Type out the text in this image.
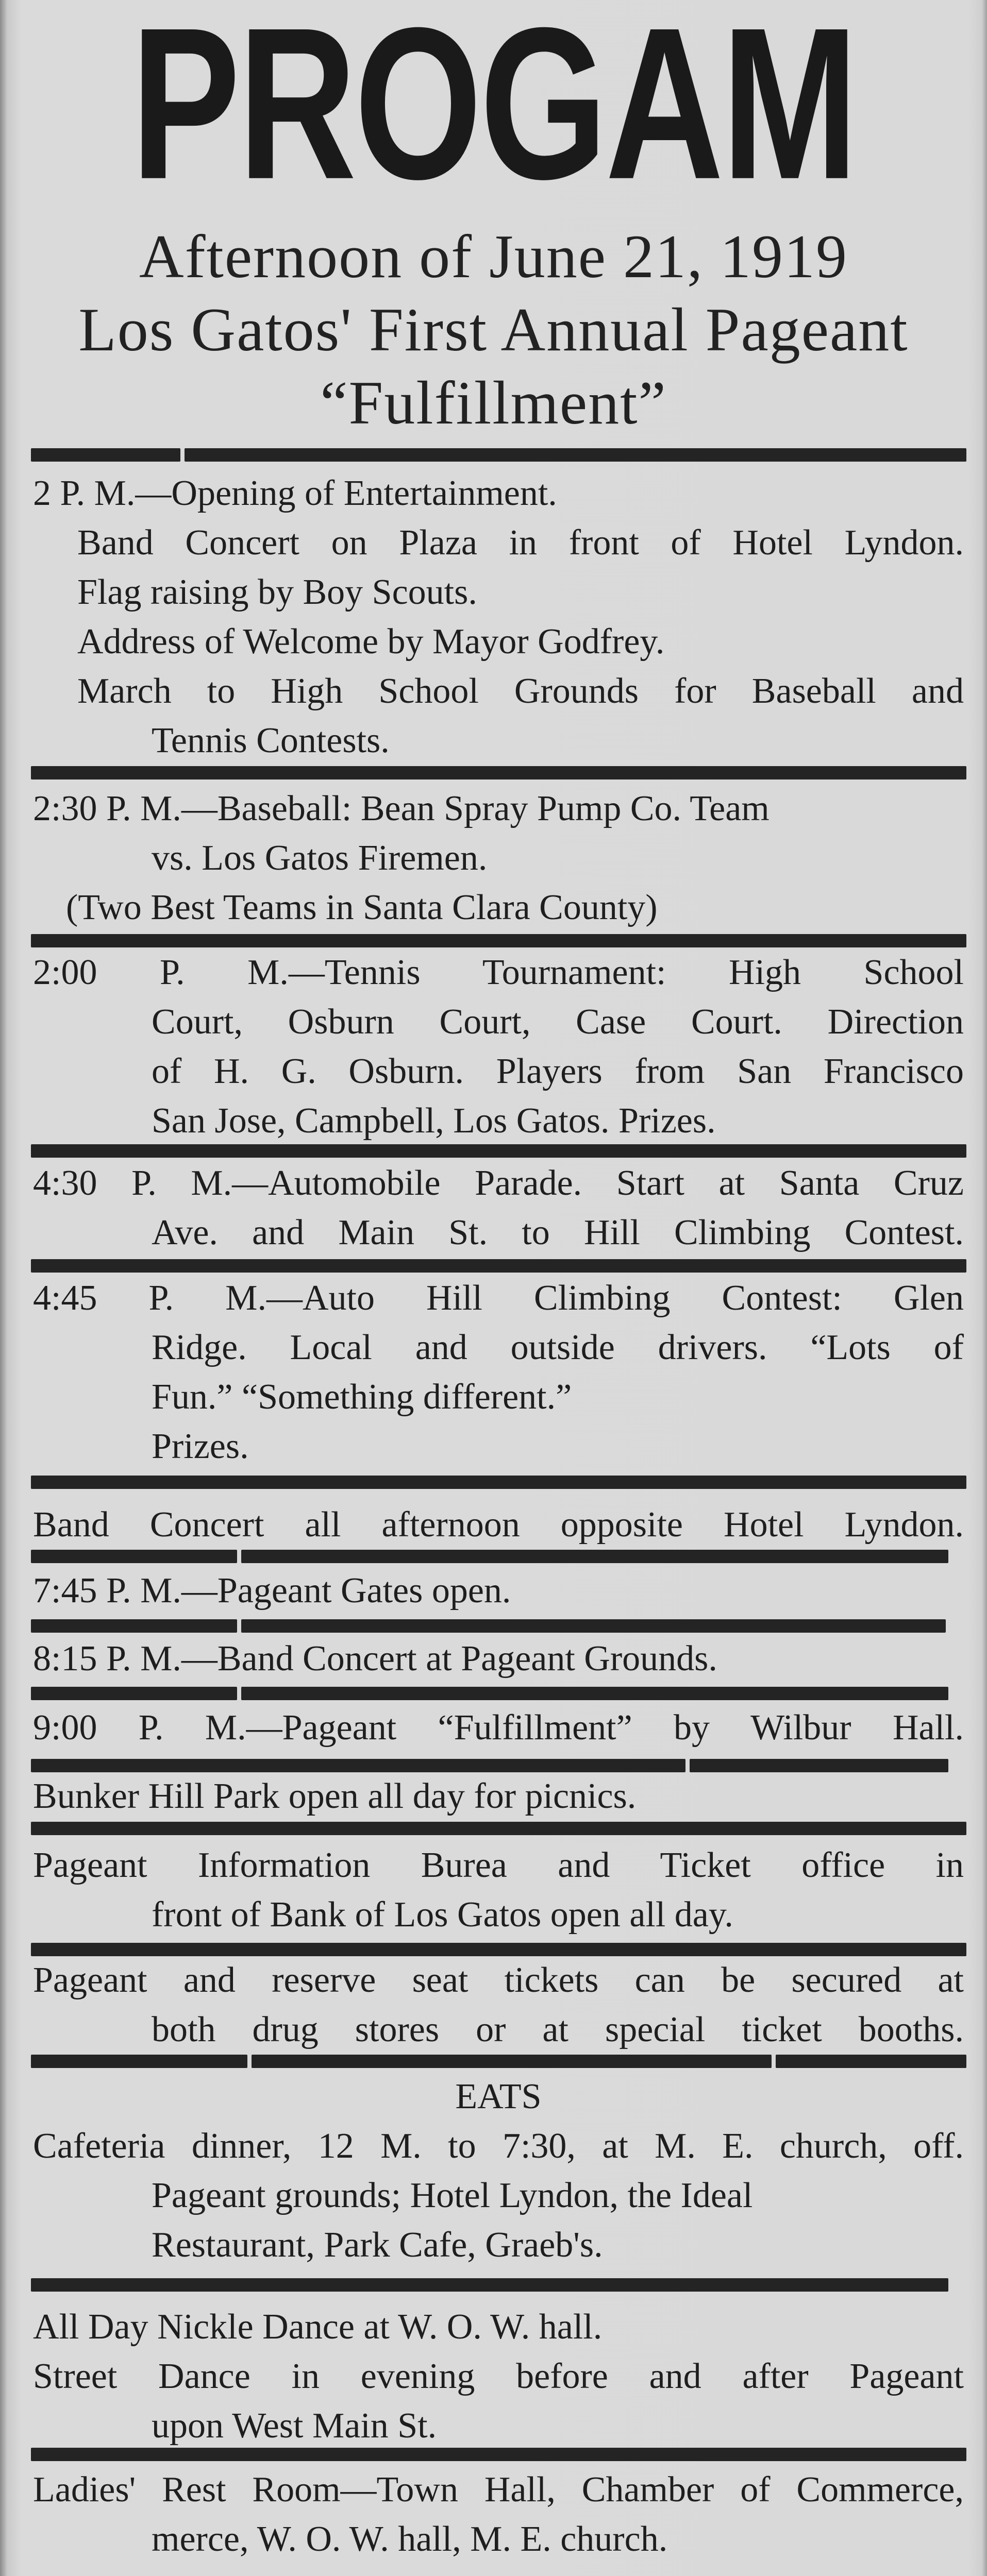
PROGAM
Afternoon of June 21, 1919
Los Gatos' First Annual Pageant
“Fulfillment”
2 P. M.—Opening of Entertainment.
Band Concert on Plaza in front of Hotel Lyndon.
Flag raising by Boy Scouts.
Address of Welcome by Mayor Godfrey.
March to High School Grounds for Baseball and
Tennis Contests.
2:30 P. M.—Baseball: Bean Spray Pump Co. Team
vs. Los Gatos Firemen.
(Two Best Teams in Santa Clara County)
2:00 P. M.—Tennis Tournament: High School
Court, Osburn Court, Case Court. Direction
of H. G. Osburn. Players from San Francisco
San Jose, Campbell, Los Gatos. Prizes.
4:30 P. M.—Automobile Parade. Start at Santa Cruz
Ave. and Main St. to Hill Climbing Contest.
4:45 P. M.—Auto Hill Climbing Contest: Glen
Ridge. Local and outside drivers. “Lots of
Fun.” “Something different.”
Prizes.
Band Concert all afternoon opposite Hotel Lyndon.
7:45 P. M.—Pageant Gates open.
8:15 P. M.—Band Concert at Pageant Grounds.
9:00 P. M.—Pageant “Fulfillment” by Wilbur Hall.
Bunker Hill Park open all day for picnics.
Pageant Information Burea and Ticket office in
front of Bank of Los Gatos open all day.
Pageant and reserve seat tickets can be secured at
both drug stores or at special ticket booths.
EATS
Cafeteria dinner, 12 M. to 7:30, at M. E. church, off.
Pageant grounds; Hotel Lyndon, the Ideal
Restaurant, Park Cafe, Graeb's.
All Day Nickle Dance at W. O. W. hall.
Street Dance in evening before and after Pageant
upon West Main St.
Ladies' Rest Room—Town Hall, Chamber of Commerce,
merce, W. O. W. hall, M. E. church.
